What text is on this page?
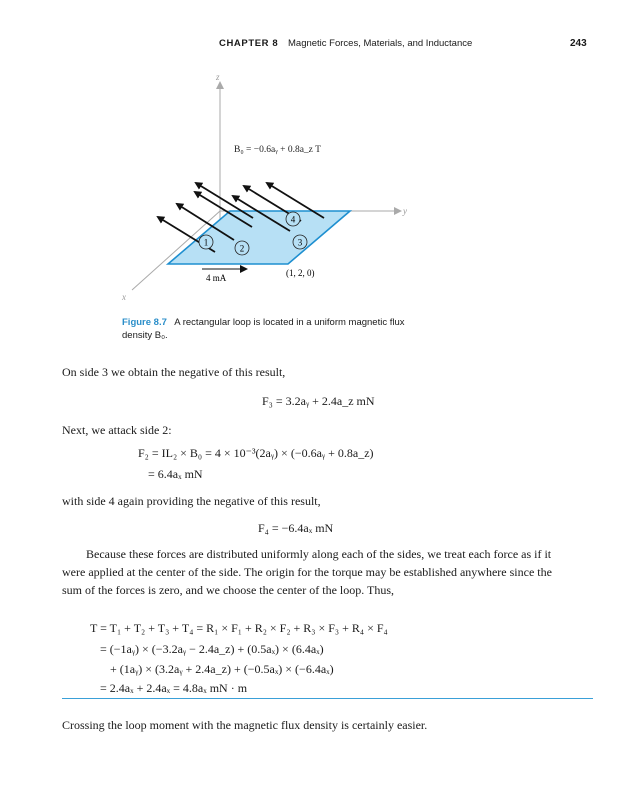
CHAPTER 8 Magnetic Forces, Materials, and Inductance	243
z
y
x
B₀ = −0.6aᵧ + 0.8a_z T
1
2
3
4
4 mA	(1, 2, 0)
Figure 8.7 A rectangular loop is located in a uniform magnetic flux density B₀.
On side 3 we obtain the negative of this result,
F₃ = 3.2aᵧ + 2.4a_z mN
Next, we attack side 2:
F₂ = IL₂ × B₀ = 4 × 10⁻³(2aᵧ) × (−0.6aᵧ + 0.8a_z)
= 6.4aₓ mN
with side 4 again providing the negative of this result,
F₄ = −6.4aₓ mN
Because these forces are distributed uniformly along each of the sides, we treat each force as if it were applied at the center of the side. The origin for the torque may be established anywhere since the sum of the forces is zero, and we choose the center of the loop. Thus,
T = T₁ + T₂ + T₃ + T₄ = R₁ × F₁ + R₂ × F₂ + R₃ × F₃ + R₄ × F₄
= (−1aᵧ) × (−3.2aᵧ − 2.4a_z) + (0.5aₓ) × (6.4aₓ)
+ (1aᵧ) × (3.2aᵧ + 2.4a_z) + (−0.5aₓ) × (−6.4aₓ)
= 2.4aₓ + 2.4aₓ = 4.8aₓ mN · m
Crossing the loop moment with the magnetic flux density is certainly easier.
